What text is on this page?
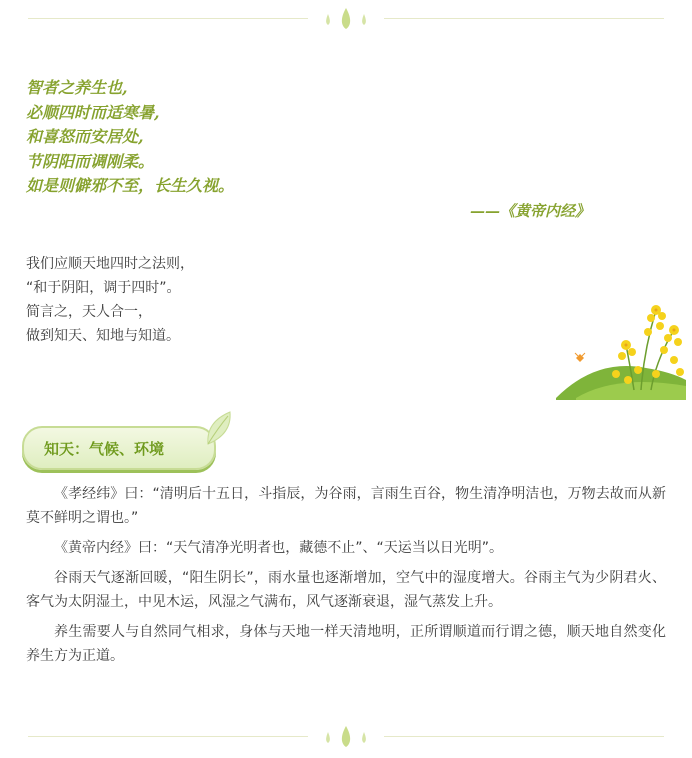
智者之养生也,
必顺四时而适寒暑,
和喜怒而安居处,
节阴阳而调刚柔。
如是则僻邪不至，长生久视。
——《黄帝内经》
我们应顺天地四时之法则，
“和于阴阳，调于四时”。
简言之，天人合一，
做到知天、知地与知道。
知天：气候、环境

《孝经纬》曰：“清明后十五日，斗指辰，为谷雨，言雨生百谷，物生清净明洁也，万物去故而从新莫不鲜明之谓也。”

《黄帝内经》曰：“天气清净光明者也，藏德不止”、“天运当以日光明”。

谷雨天气逐渐回暖，“阳生阴长”，雨水量也逐渐增加，空气中的湿度增大。谷雨主气为少阴君火、客气为太阴湿土，中见木运，风湿之气满布，风气逐渐衰退，湿气蒸发上升。

养生需要人与自然同气相求，身体与天地一样天清地明，正所谓顺道而行谓之德，顺天地自然变化养生方为正道。
